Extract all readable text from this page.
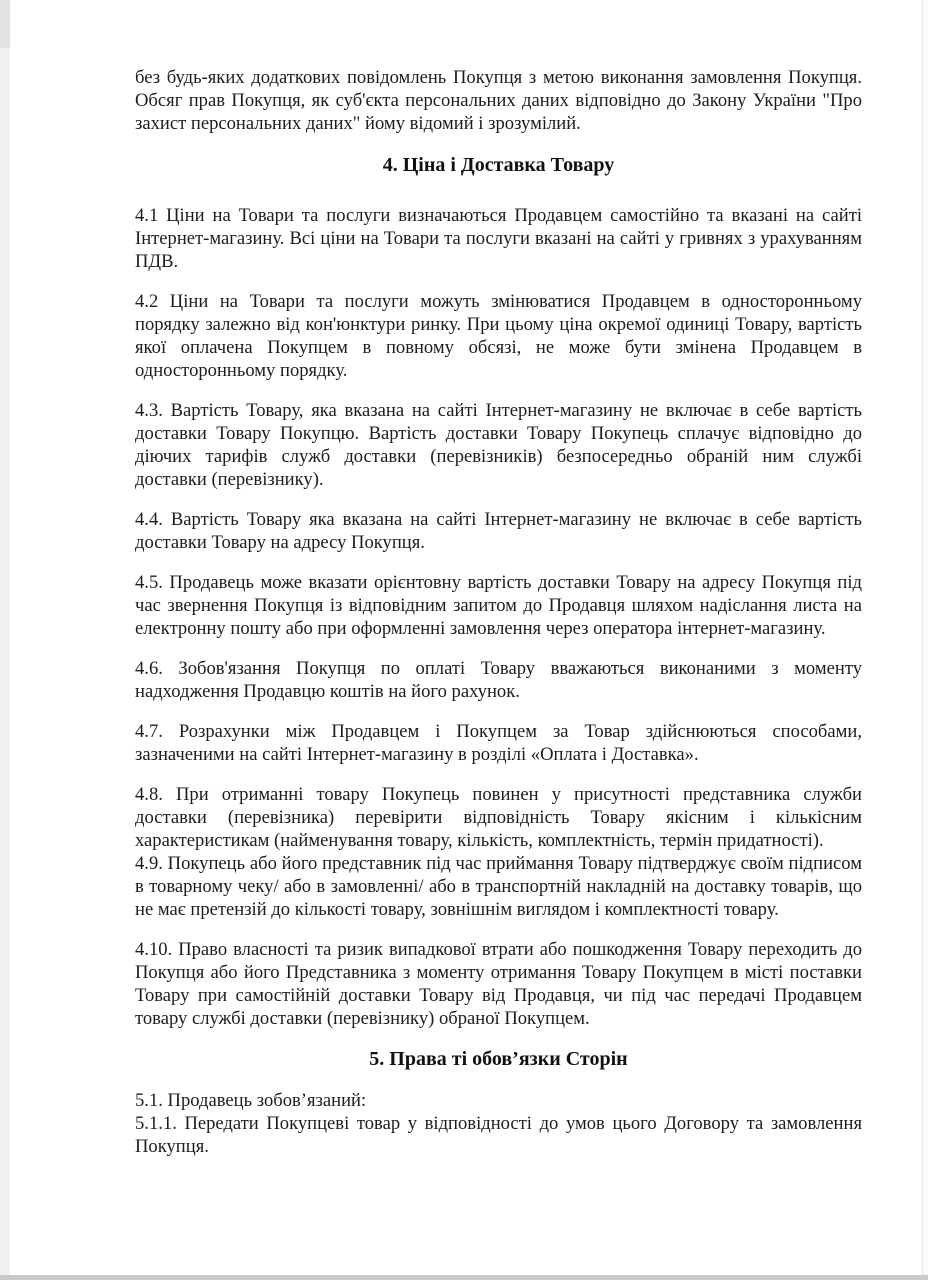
без будь-яких додаткових повідомлень Покупця з метою виконання замовлення Покупця. Обсяг прав Покупця, як суб'єкта персональних даних відповідно до Закону України "Про захист персональних даних" йому відомий і зрозумілий.

4. Ціна і Доставка Товару

4.1 Ціни на Товари та послуги визначаються Продавцем самостійно та вказані на сайті Інтернет-магазину. Всі ціни на Товари та послуги вказані на сайті у гривнях з урахуванням ПДВ.

4.2 Ціни на Товари та послуги можуть змінюватися Продавцем в односторонньому порядку залежно від кон'юнктури ринку. При цьому ціна окремої одиниці Товару, вартість якої оплачена Покупцем в повному обсязі, не може бути змінена Продавцем в односторонньому порядку.

4.3. Вартість Товару, яка вказана на сайті Інтернет-магазину не включає в себе вартість доставки Товару Покупцю. Вартість доставки Товару Покупець сплачує відповідно до діючих тарифів служб доставки (перевізників) безпосередньо обраній ним службі доставки (перевізнику).

4.4. Вартість Товару яка вказана на сайті Інтернет-магазину не включає в себе вартість доставки Товару на адресу Покупця.

4.5. Продавець може вказати орієнтовну вартість доставки Товару на адресу Покупця під час звернення Покупця із відповідним запитом до Продавця шляхом надіслання листа на електронну пошту або при оформленні замовлення через оператора інтернет-магазину.

4.6. Зобов'язання Покупця по оплаті Товару вважаються виконаними з моменту надходження Продавцю коштів на його рахунок.

4.7. Розрахунки між Продавцем і Покупцем за Товар здійснюються способами, зазначеними на сайті Інтернет-магазину в розділі «Оплата і Доставка».

4.8. При отриманні товару Покупець повинен у присутності представника служби доставки (перевізника) перевірити відповідність Товару якісним і кількісним характеристикам (найменування товару, кількість, комплектність, термін придатності).

4.9. Покупець або його представник під час приймання Товару підтверджує своїм підписом в товарному чеку/ або в замовленні/ або в транспортній накладній на доставку товарів, що не має претензій до кількості товару, зовнішнім виглядом і комплектності товару.

4.10. Право власності та ризик випадкової втрати або пошкодження Товару переходить до Покупця або його Представника з моменту отримання Товару Покупцем в місті поставки Товару при самостійній доставки Товару від Продавця, чи під час передачі Продавцем товару службі доставки (перевізнику) обраної Покупцем.

5. Права ті обов’язки Сторін

5.1. Продавець зобов’язаний:

5.1.1. Передати Покупцеві товар у відповідності до умов цього Договору та замовлення Покупця.
